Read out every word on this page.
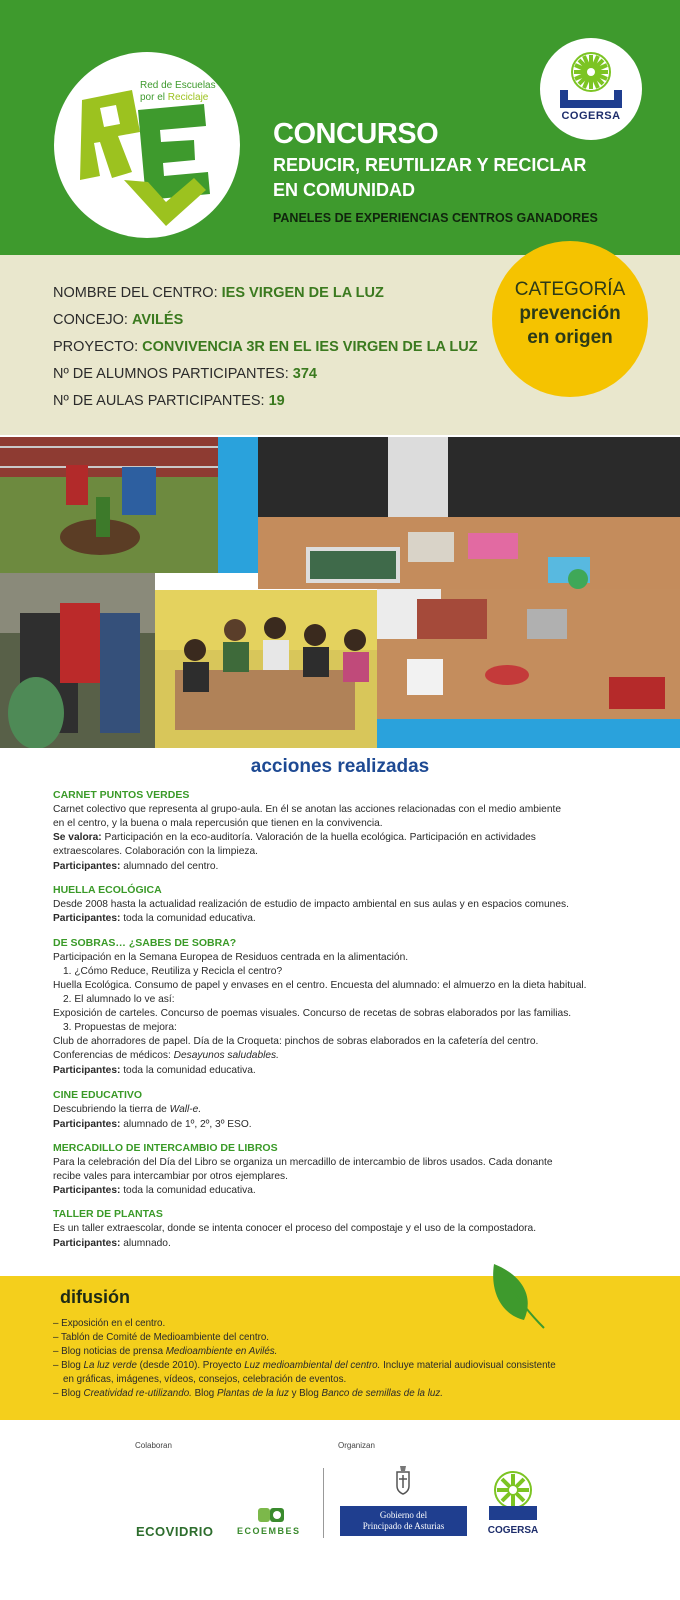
Red de Escuelas
por el Reciclaje
COGERSA
CONCURSO
REDUCIR, REUTILIZAR Y RECICLAR
EN COMUNIDAD
PANELES DE EXPERIENCIAS CENTROS GANADORES
NOMBRE DEL CENTRO: IES VIRGEN DE LA LUZ
CONCEJO: AVILÉS
PROYECTO: CONVIVENCIA 3R EN EL IES VIRGEN DE LA LUZ
Nº DE ALUMNOS PARTICIPANTES: 374
Nº DE AULAS PARTICIPANTES: 19
CATEGORÍA
prevención
en origen
acciones realizadas
CARNET PUNTOS VERDES
Carnet colectivo que representa al grupo-aula. En él se anotan las acciones relacionadas con el medio ambiente
en el centro, y la buena o mala repercusión que tienen en la convivencia.
Se valora: Participación en la eco-auditoría. Valoración de la huella ecológica. Participación en actividades
extraescolares. Colaboración con la limpieza.
Participantes: alumnado del centro.
HUELLA ECOLÓGICA
Desde 2008 hasta la actualidad realización de estudio de impacto ambiental en sus aulas y en espacios comunes.
Participantes: toda la comunidad educativa.
DE SOBRAS… ¿SABES DE SOBRA?
Participación en la Semana Europea de Residuos centrada en la alimentación.
1. ¿Cómo Reduce, Reutiliza y Recicla el centro?
Huella Ecológica. Consumo de papel y envases en el centro. Encuesta del alumnado: el almuerzo en la dieta habitual.
2. El alumnado lo ve así:
Exposición de carteles. Concurso de poemas visuales. Concurso de recetas de sobras elaborados por las familias.
3. Propuestas de mejora:
Club de ahorradores de papel. Día de la Croqueta: pinchos de sobras elaborados en la cafetería del centro.
Conferencias de médicos: Desayunos saludables.
Participantes: toda la comunidad educativa.
CINE EDUCATIVO
Descubriendo la tierra de Wall-e.
Participantes: alumnado de 1º, 2º, 3º ESO.
MERCADILLO DE INTERCAMBIO DE LIBROS
Para la celebración del Día del Libro se organiza un mercadillo de intercambio de libros usados. Cada donante
recibe vales para intercambiar por otros ejemplares.
Participantes: toda la comunidad educativa.
TALLER DE PLANTAS
Es un taller extraescolar, donde se intenta conocer el proceso del compostaje y el uso de la compostadora.
Participantes: alumnado.
difusión
– Exposición en el centro.
– Tablón de Comité de Medioambiente del centro.
– Blog noticias de prensa Medioambiente en Avilés.
– Blog La luz verde (desde 2010). Proyecto Luz medioambiental del centro. Incluye material audiovisual consistente
en gráficas, imágenes, vídeos, consejos, celebración de eventos.
– Blog Creatividad re-utilizando. Blog Plantas de la luz y Blog Banco de semillas de la luz.
Colaboran	Organizan
ECOVIDRIO	ECOEMBES
Gobierno del
Principado de Asturias	COGERSA
